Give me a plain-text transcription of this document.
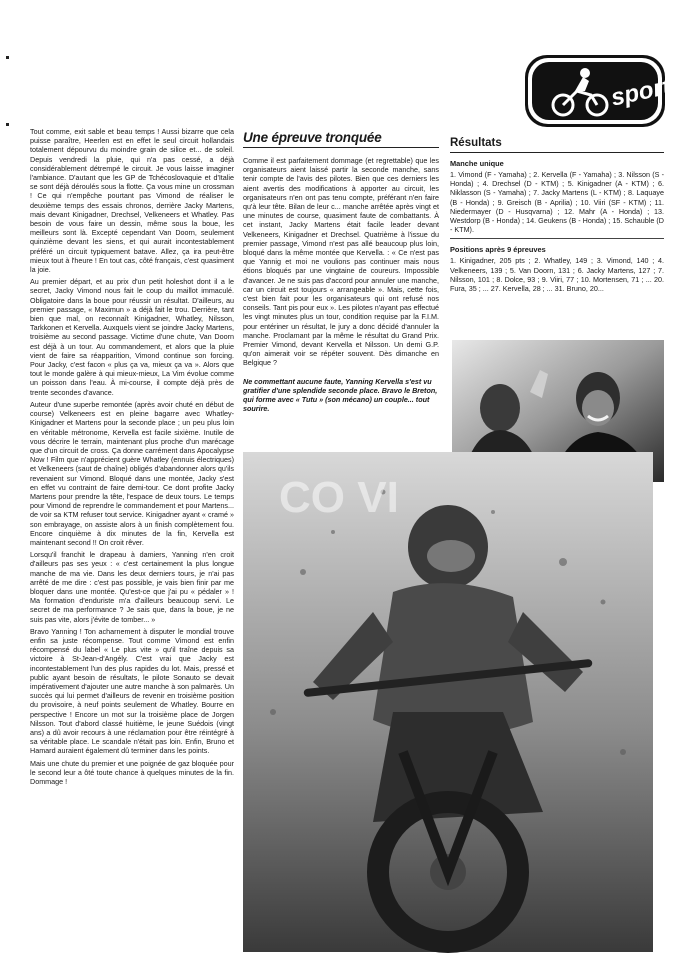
sport

Tout comme, exit sable et beau temps ! Aussi bizarre que cela puisse paraître, Heerlen est en effet le seul circuit hollandais totalement dépourvu du moindre grain de silice et... de soleil. Depuis vendredi la pluie, qui n'a pas cessé, a déjà considérablement détrempé le circuit. Je vous laisse imaginer l'ambiance. D'autant que les GP de Tchécoslovaquie et d'Italie se sont déjà déroulés sous la flotte. Ça vous mine un crossman ! Ce qui n'empêche pourtant pas Vimond de réaliser le deuxième temps des essais chronos, derrière Jacky Martens, mais devant Kinigadner, Drechsel, Velkeneers et Whatley. Pas besoin de vous faire un dessin, même sous la boue, les meilleurs sont là. Excepté cependant Van Doorn, seulement quinzième devant les siens, et qui aurait incontestablement préféré un circuit typiquement batave. Allez, ça ira peut-être mieux tout à l'heure ! En tout cas, côté français, c'est quasiment la joie.

Au premier départ, et au prix d'un petit holeshot dont il a le secret, Jacky Vimond nous fait le coup du maillot immaculé. Obligatoire dans la boue pour réussir un résultat. D'ailleurs, au premier passage, « Maximun » a déjà fait le trou. Derrière, tant bien que mal, on reconnaît Kinigadner, Whatley, Nilsson, Tarkkonen et Kervella. Auxquels vient se joindre Jacky Martens, troisième au second passage. Victime d'une chute, Van Doorn est déjà à un tour. Au commandement, et alors que la pluie vient de faire sa réapparition, Vimond continue son forcing. Pour Jacky, c'est facon « plus ça va, mieux ça va ». Alors que tout le monde galère à qui mieux-mieux, La Vim évolue comme un poisson dans l'eau. À mi-course, il compte déjà près de trente secondes d'avance.

Auteur d'une superbe remontée (après avoir chuté en début de course) Velkeneers est en pleine bagarre avec Whatley-Kinigadner et Martens pour la seconde place ; un peu plus loin en véritable métronome, Kervella est facile sixième. Inutile de vous décrire le terrain, maintenant plus proche d'un marécage que d'un circuit de cross. Ça donne carrément dans Apocalypse Now ! Film que n'apprécient guère Whatley (ennuis électriques) et Velkeneers (saut de chaîne) obligés d'abandonner alors qu'ils revenaient sur Vimond. Bloqué dans une montée, Jacky s'est en effet vu contraint de faire demi-tour. Ce dont profite Jacky Martens pour prendre la tête, l'espace de deux tours. Le temps pour Vimond de reprendre le commandement et pour Martens... de voir sa KTM refuser tout service. Kinigadner ayant « cramé » son embrayage, on assiste alors à un finish complètement fou. Encore cinquième à dix minutes de la fin, Kervella est maintenant second !! On croit rêver.

Lorsqu'il franchit le drapeau à damiers, Yanning n'en croit d'ailleurs pas ses yeux : « c'est certainement la plus longue manche de ma vie. Dans les deux derniers tours, je n'ai pas arrêté de me dire : c'est pas possible, je vais bien finir par me bloquer dans une montée. Qu'est-ce que j'ai pu « pédaler » ! Ma formation d'enduriste m'a d'ailleurs beaucoup servi. Le secret de ma performance ? Je sais que, dans la boue, je ne suis pas vite, alors j'évite de tomber... »

Bravo Yanning ! Ton acharnement à disputer le mondial trouve enfin sa juste récompense. Tout comme Vimond est enfin récompensé du label « Le plus vite » qu'il traîne depuis sa victoire à St-Jean-d'Angély. C'est vrai que Jacky est incontestablement l'un des plus rapides du lot. Mais, pressé et public ayant besoin de résultats, le pilote Sonauto se devait impérativement d'ajouter une autre manche à son palmarès. Un succès qui lui permet d'ailleurs de revenir en troisième position du provisoire, à neuf points seulement de Whatley. Bourre en perspective ! Encore un mot sur la troisième place de Jorgen Nilsson. Tout d'abord classé huitième, le jeune Suédois (vingt ans) a dû avoir recours à une réclamation pour être réintégré à sa véritable place. Le scandale n'était pas loin. Enfin, Bruno et Hamard auraient également dû terminer dans les points.

Mais une chute du premier et une poignée de gaz bloquée pour le second leur a ôté toute chance à quelques minutes de la fin. Dommage !

Une épreuve tronquée
Comme il est parfaitement dommage (et regrettable) que les organisateurs aient laissé partir la seconde manche, sans tenir compte de l'avis des pilotes. Bien que ces derniers les aient avertis des modifications à apporter au circuit, les organisateurs n'en ont pas tenu compte, préférant n'en faire qu'à leur tête. Bilan de leur c... manche arrêtée après vingt et une minutes de course, quasiment faute de combattants. À cet instant, Jacky Martens était facile leader devant Velkeneers, Kinigadner et Drechsel. Quatrième à l'issue du premier passage, Vimond n'est pas allé beaucoup plus loin, bloqué dans la même montée que Kervella. : « Ce n'est pas que Yannig et moi ne voulions pas continuer mais nous étions bloqués par une vingtaine de coureurs. Impossible d'avancer. Je ne suis pas d'accord pour annuler une manche, car un circuit est toujours « arrangeable ». Mais, cette fois, c'est bien fait pour les organisateurs qui ont refusé nos conseils. Tant pis pour eux ». Les pilotes n'ayant pas effectué les vingt minutes plus un tour, condition requise par la F.I.M. pour entériner un résultat, le jury a donc décidé d'annuler la manche. Proclamant par la même le résultat du Grand Prix. Premier Vimond, devant Kervella et Nilsson. Un demi G.P. qu'on aimerait voir se répéter souvent. Dès dimanche en Belgique ?
Ne commettant aucune faute, Yanning Kervella s'est vu gratifier d'une splendide seconde place. Bravo le Breton, qui forme avec « Tutu » (son mécano) un couple... tout sourire.
Résultats
Manche unique

1. Vimond (F - Yamaha) ; 2. Kervella (F - Yamaha) ; 3. Nilsson (S - Honda) ; 4. Drechsel (D - KTM) ; 5. Kinigadner (A - KTM) ; 6. Niklasson (S - Yamaha) ; 7. Jacky Martens (L - KTM) ; 8. Laquaye (B - Honda) ; 9. Greisch (B - Aprilia) ; 10. Viiri (SF - KTM) ; 11. Niedermayer (D - Husqvarna) ; 12. Mahr (A - Honda) ; 13. Westdorp (B - Honda) ; 14. Geukens (B - Honda) ; 15. Schauble (D - KTM).

Positions après 9 épreuves

1. Kinigadner, 205 pts ; 2. Whatley, 149 ; 3. Vimond, 140 ; 4. Velkeneers, 139 ; 5. Van Doorn, 131 ; 6. Jacky Martens, 127 ; 7. Nilsson, 101 ; 8. Dolce, 93 ; 9. Viiri, 77 ; 10. Mortensen, 71 ; ... 20. Fura, 35 ; ... 27. Kervella, 28 ; ... 31. Bruno, 20...

CO VI
